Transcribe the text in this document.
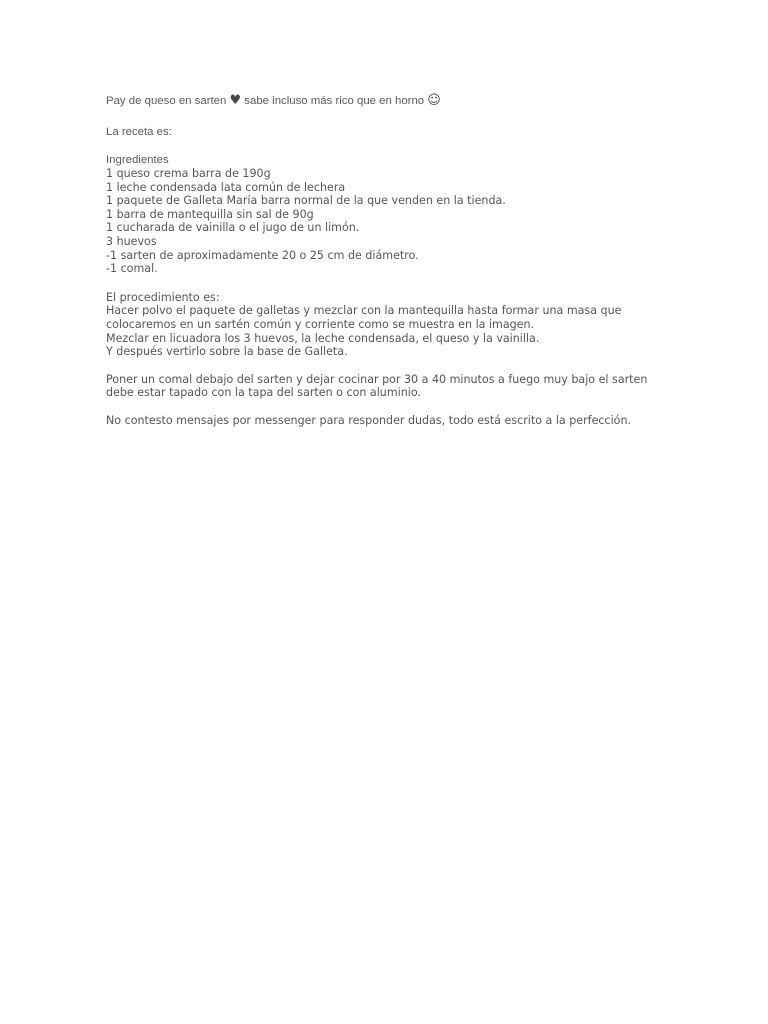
Pay de queso en sarten ♥ sabe incluso más rico que en horno ☺
La receta es:
Ingredientes
1 queso crema barra de 190g
1 leche condensada lata común de lechera
1 paquete de Galleta María barra normal de la que venden en la tienda.
1 barra de mantequilla sin sal de 90g
1 cucharada de vainilla o el jugo de un limón.
3 huevos
-1 sarten de aproximadamente 20 o 25 cm de diámetro.
-1 comal.
El procedimiento es:
Hacer polvo el paquete de galletas y mezclar con la mantequilla hasta formar una masa que
colocaremos en un sartén común y corriente como se muestra en la imagen.
Mezclar en licuadora los 3 huevos, la leche condensada, el queso y la vainilla.
Y después vertirlo sobre la base de Galleta.
Poner un comal debajo del sarten y dejar cocinar por 30 a 40 minutos a fuego muy bajo el sarten
debe estar tapado con la tapa del sarten o con aluminio.
No contesto mensajes por messenger para responder dudas, todo está escrito a la perfección.
